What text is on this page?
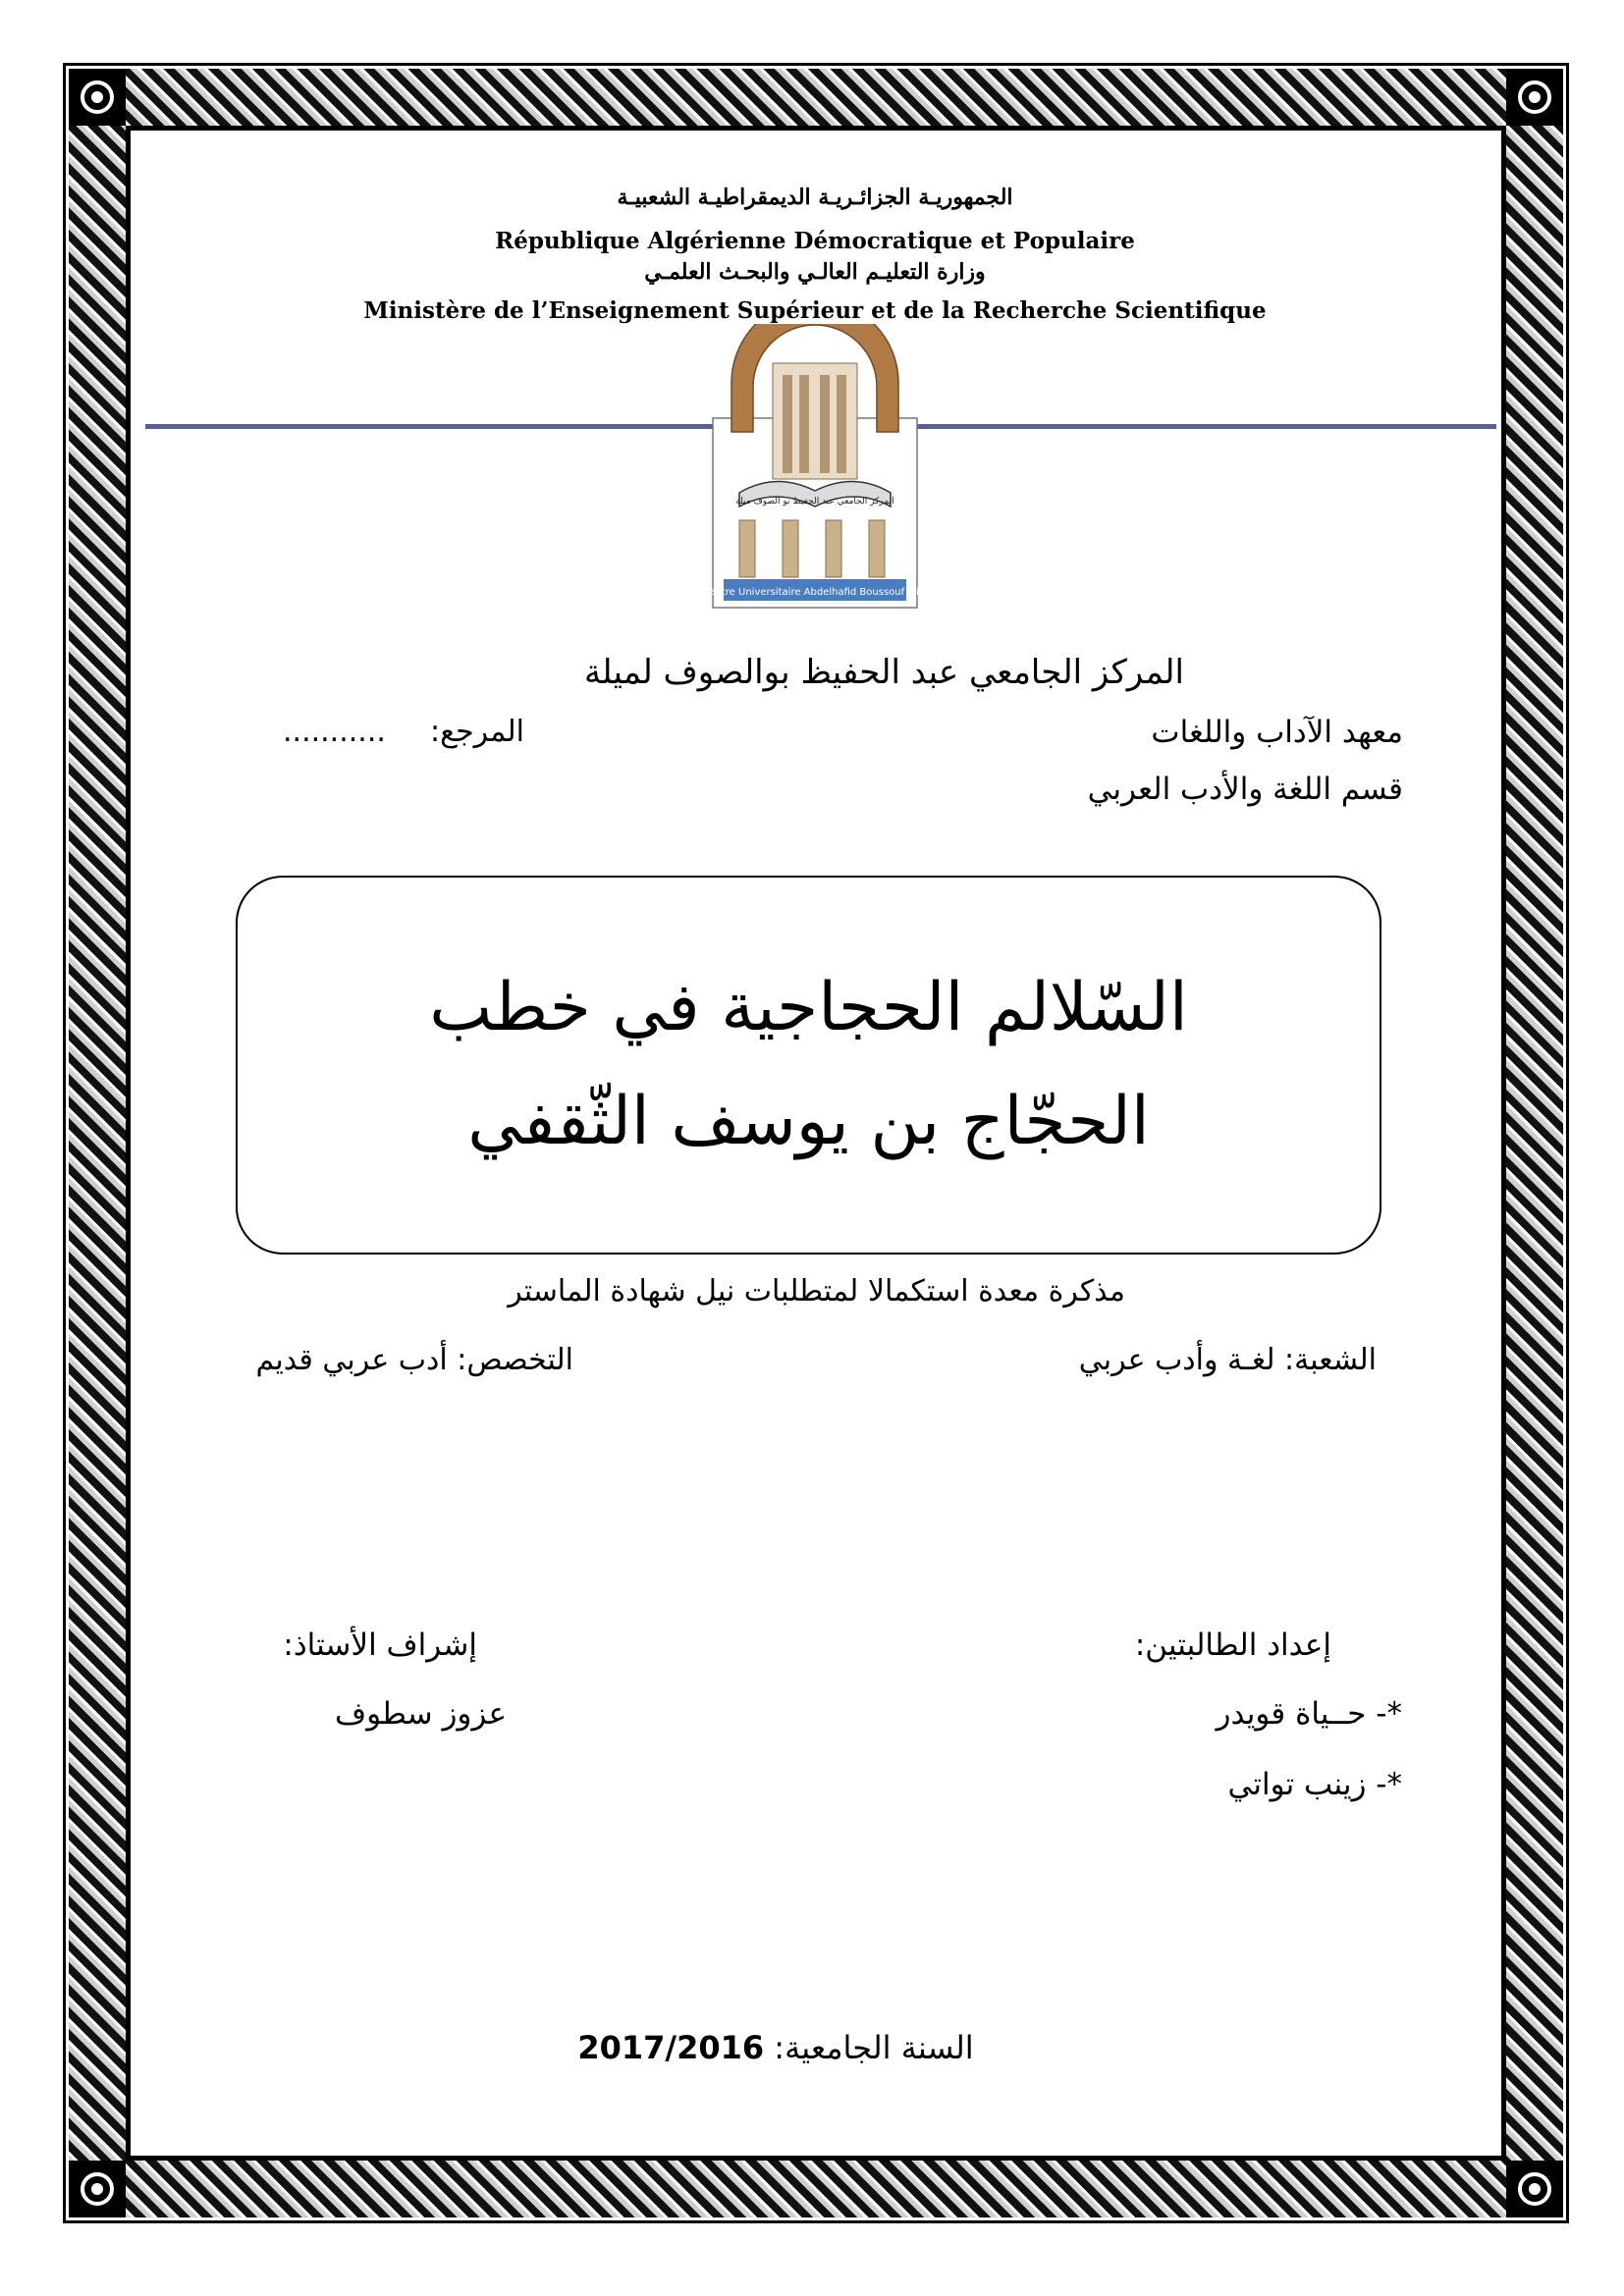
الجمهوريـة الجزائـريـة الديمقراطيـة الشعبيـة
République Algérienne Démocratique et Populaire
وزارة التعليـم العالـي والبحـث العلمـي
Ministère de l’Enseignement Supérieur et de la Recherche Scientifique
المركز الجامعي عبد الحفيظ بو الصوف ميلة
Centre Universitaire Abdelhafid Boussouf Mila
المركز الجامعي عبد الحفيظ بوالصوف لميلة
معهد الآداب واللغات
قسم اللغة والأدب العربي
المرجع:
...........
السّلالم الحجاجية في خطب
الحجّاج بن يوسف الثّقفي
مذكرة معدة استكمالا لمتطلبات نيل شهادة الماستر
الشعبة: لغـة وأدب عربي
التخصص: أدب عربي قديم
إعداد الطالبتين:
*- حــياة قويدر
*- زينب تواتي
إشراف الأستاذ:
عزوز سطوف
السنة الجامعية: 2017/2016
